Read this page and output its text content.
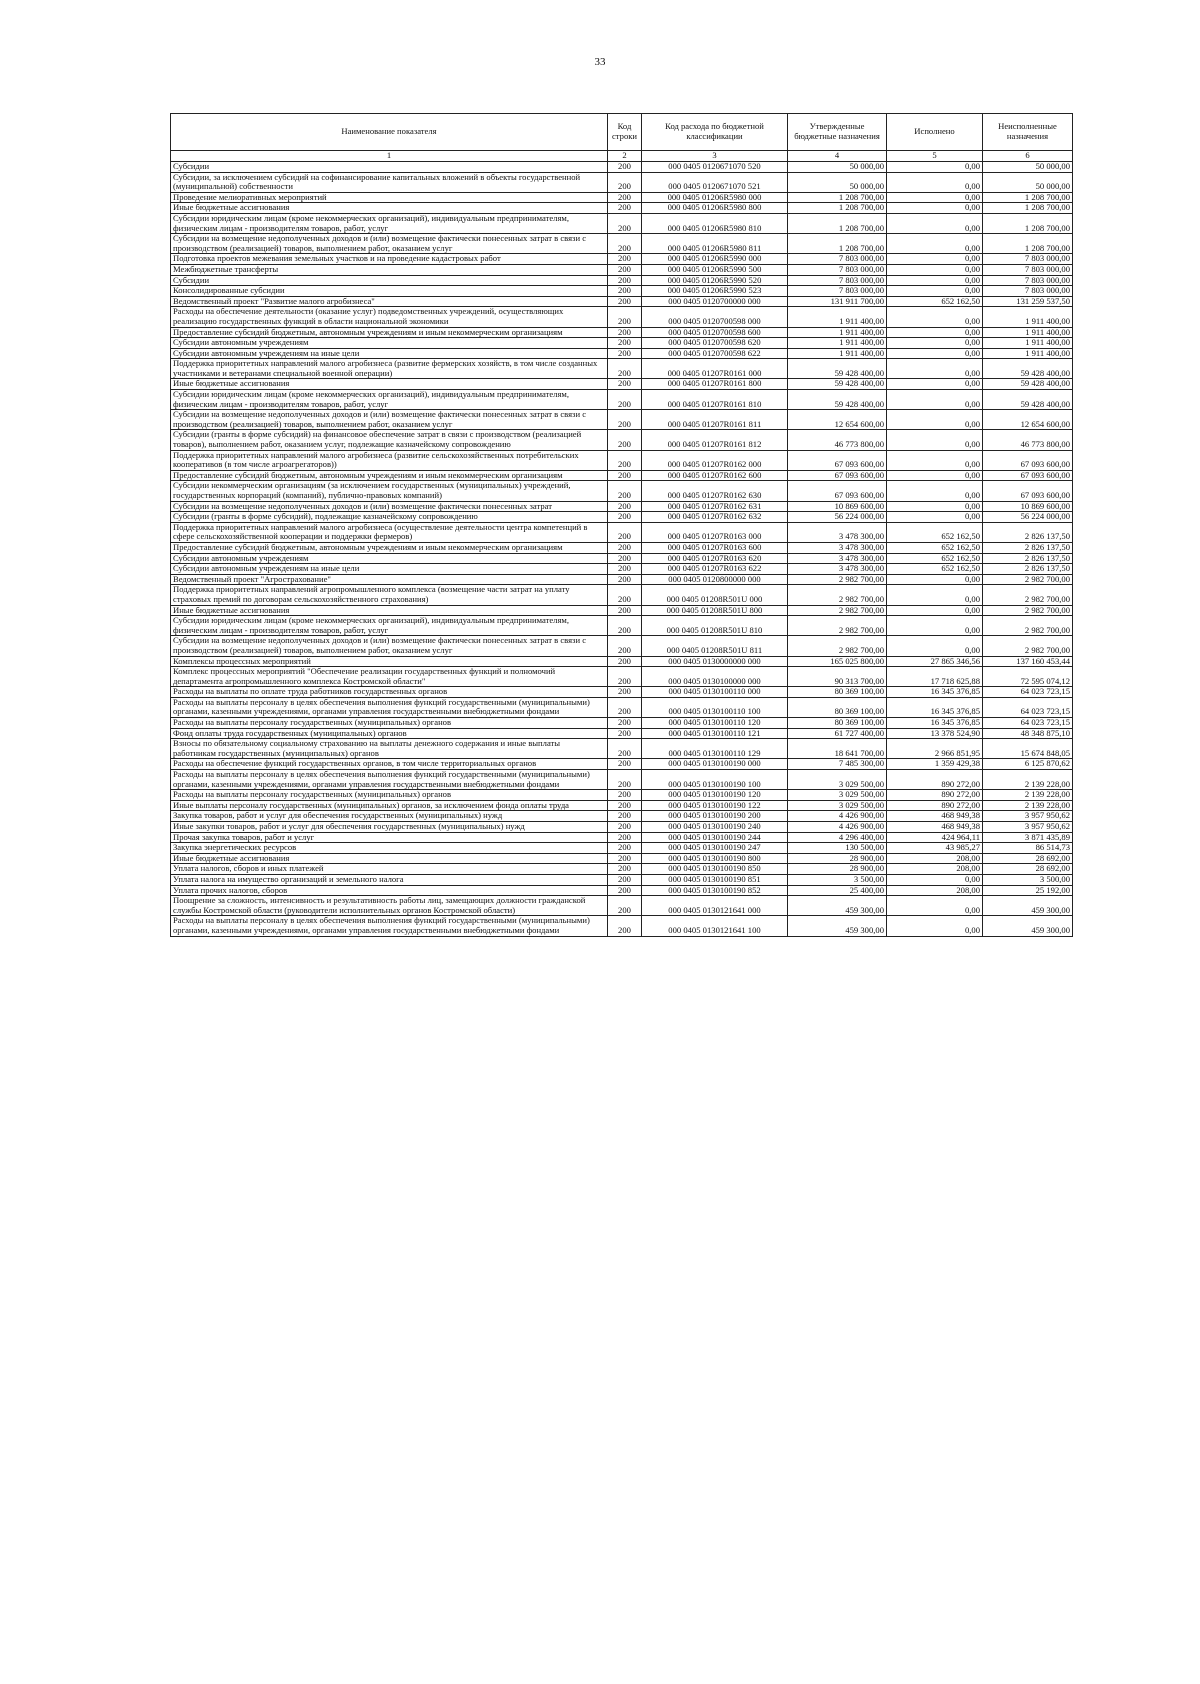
33
Наименование показателя	Код строки	Код расхода по бюджетной классификации	Утвержденные бюджетные назначения	Исполнено	Неисполненные назначения
1	2	3	4	5	6
Субсидии	200	000 0405 0120671070 520	50 000,00	0,00	50 000,00
Субсидии, за исключением субсидий на софинансирование капитальных вложений в объекты государственной (муниципальной) собственности	200	000 0405 0120671070 521	50 000,00	0,00	50 000,00
Проведение мелиоративных мероприятий	200	000 0405 01206R5980 000	1 208 700,00	0,00	1 208 700,00
Иные бюджетные ассигнования	200	000 0405 01206R5980 800	1 208 700,00	0,00	1 208 700,00
Субсидии юридическим лицам (кроме некоммерческих организаций), индивидуальным предпринимателям, физическим лицам - производителям товаров, работ, услуг	200	000 0405 01206R5980 810	1 208 700,00	0,00	1 208 700,00
Субсидии на возмещение недополученных доходов и (или) возмещение фактически понесенных затрат в связи с производством (реализацией) товаров, выполнением работ, оказанием услуг	200	000 0405 01206R5980 811	1 208 700,00	0,00	1 208 700,00
Подготовка проектов межевания земельных участков и на проведение кадастровых работ	200	000 0405 01206R5990 000	7 803 000,00	0,00	7 803 000,00
Межбюджетные трансферты	200	000 0405 01206R5990 500	7 803 000,00	0,00	7 803 000,00
Субсидии	200	000 0405 01206R5990 520	7 803 000,00	0,00	7 803 000,00
Консолидированные субсидии	200	000 0405 01206R5990 523	7 803 000,00	0,00	7 803 000,00
Ведомственный проект "Развитие малого агробизнеса"	200	000 0405 0120700000 000	131 911 700,00	652 162,50	131 259 537,50
Расходы на обеспечение деятельности (оказание услуг) подведомственных учреждений, осуществляющих реализацию государственных функций в области национальной экономики	200	000 0405 0120700598 000	1 911 400,00	0,00	1 911 400,00
Предоставление субсидий бюджетным, автономным учреждениям и иным некоммерческим организациям	200	000 0405 0120700598 600	1 911 400,00	0,00	1 911 400,00
Субсидии автономным учреждениям	200	000 0405 0120700598 620	1 911 400,00	0,00	1 911 400,00
Субсидии автономным учреждениям на иные цели	200	000 0405 0120700598 622	1 911 400,00	0,00	1 911 400,00
Поддержка приоритетных направлений малого агробизнеса (развитие фермерских хозяйств, в том числе созданных участниками и ветеранами специальной военной операции)	200	000 0405 01207R0161 000	59 428 400,00	0,00	59 428 400,00
Иные бюджетные ассигнования	200	000 0405 01207R0161 800	59 428 400,00	0,00	59 428 400,00
Субсидии юридическим лицам (кроме некоммерческих организаций), индивидуальным предпринимателям, физическим лицам - производителям товаров, работ, услуг	200	000 0405 01207R0161 810	59 428 400,00	0,00	59 428 400,00
Субсидии на возмещение недополученных доходов и (или) возмещение фактически понесенных затрат в связи с производством (реализацией) товаров, выполнением работ, оказанием услуг	200	000 0405 01207R0161 811	12 654 600,00	0,00	12 654 600,00
Субсидии (гранты в форме субсидий) на финансовое обеспечение затрат в связи с производством (реализацией товаров), выполнением работ, оказанием услуг, подлежащие казначейскому сопровождению	200	000 0405 01207R0161 812	46 773 800,00	0,00	46 773 800,00
Поддержка приоритетных направлений малого агробизнеса (развитие сельскохозяйственных потребительских кооперативов (в том числе агроагрегаторов))	200	000 0405 01207R0162 000	67 093 600,00	0,00	67 093 600,00
Предоставление субсидий бюджетным, автономным учреждениям и иным некоммерческим организациям	200	000 0405 01207R0162 600	67 093 600,00	0,00	67 093 600,00
Субсидии некоммерческим организациям (за исключением государственных (муниципальных) учреждений, государственных корпораций (компаний), публично-правовых компаний)	200	000 0405 01207R0162 630	67 093 600,00	0,00	67 093 600,00
Субсидии на возмещение недополученных доходов и (или) возмещение фактически понесенных затрат	200	000 0405 01207R0162 631	10 869 600,00	0,00	10 869 600,00
Субсидии (гранты в форме субсидий), подлежащие казначейскому сопровождению	200	000 0405 01207R0162 632	56 224 000,00	0,00	56 224 000,00
Поддержка приоритетных направлений малого агробизнеса (осуществление деятельности центра компетенций в сфере сельскохозяйственной кооперации и поддержки фермеров)	200	000 0405 01207R0163 000	3 478 300,00	652 162,50	2 826 137,50
Предоставление субсидий бюджетным, автономным учреждениям и иным некоммерческим организациям	200	000 0405 01207R0163 600	3 478 300,00	652 162,50	2 826 137,50
Субсидии автономным учреждениям	200	000 0405 01207R0163 620	3 478 300,00	652 162,50	2 826 137,50
Субсидии автономным учреждениям на иные цели	200	000 0405 01207R0163 622	3 478 300,00	652 162,50	2 826 137,50
Ведомственный проект "Агрострахование"	200	000 0405 0120800000 000	2 982 700,00	0,00	2 982 700,00
Поддержка приоритетных направлений агропромышленного комплекса (возмещение части затрат на уплату страховых премий по договорам сельскохозяйственного страхования)	200	000 0405 01208R501U 000	2 982 700,00	0,00	2 982 700,00
Иные бюджетные ассигнования	200	000 0405 01208R501U 800	2 982 700,00	0,00	2 982 700,00
Субсидии юридическим лицам (кроме некоммерческих организаций), индивидуальным предпринимателям, физическим лицам - производителям товаров, работ, услуг	200	000 0405 01208R501U 810	2 982 700,00	0,00	2 982 700,00
Субсидии на возмещение недополученных доходов и (или) возмещение фактически понесенных затрат в связи с производством (реализацией) товаров, выполнением работ, оказанием услуг	200	000 0405 01208R501U 811	2 982 700,00	0,00	2 982 700,00
Комплексы процессных мероприятий	200	000 0405 0130000000 000	165 025 800,00	27 865 346,56	137 160 453,44
Комплекс процессных мероприятий "Обеспечение реализации государственных функций и полномочий департамента агропромышленного комплекса Костромской области"	200	000 0405 0130100000 000	90 313 700,00	17 718 625,88	72 595 074,12
Расходы на выплаты по оплате труда работников государственных органов	200	000 0405 0130100110 000	80 369 100,00	16 345 376,85	64 023 723,15
Расходы на выплаты персоналу в целях обеспечения выполнения функций государственными (муниципальными) органами, казенными учреждениями, органами управления государственными внебюджетными фондами	200	000 0405 0130100110 100	80 369 100,00	16 345 376,85	64 023 723,15
Расходы на выплаты персоналу государственных (муниципальных) органов	200	000 0405 0130100110 120	80 369 100,00	16 345 376,85	64 023 723,15
Фонд оплаты труда государственных (муниципальных) органов	200	000 0405 0130100110 121	61 727 400,00	13 378 524,90	48 348 875,10
Взносы по обязательному социальному страхованию на выплаты денежного содержания и иные выплаты работникам государственных (муниципальных) органов	200	000 0405 0130100110 129	18 641 700,00	2 966 851,95	15 674 848,05
Расходы на обеспечение функций государственных органов, в том числе территориальных органов	200	000 0405 0130100190 000	7 485 300,00	1 359 429,38	6 125 870,62
Расходы на выплаты персоналу в целях обеспечения выполнения функций государственными (муниципальными) органами, казенными учреждениями, органами управления государственными внебюджетными фондами	200	000 0405 0130100190 100	3 029 500,00	890 272,00	2 139 228,00
Расходы на выплаты персоналу государственных (муниципальных) органов	200	000 0405 0130100190 120	3 029 500,00	890 272,00	2 139 228,00
Иные выплаты персоналу государственных (муниципальных) органов, за исключением фонда оплаты труда	200	000 0405 0130100190 122	3 029 500,00	890 272,00	2 139 228,00
Закупка товаров, работ и услуг для обеспечения государственных (муниципальных) нужд	200	000 0405 0130100190 200	4 426 900,00	468 949,38	3 957 950,62
Иные закупки товаров, работ и услуг для обеспечения государственных (муниципальных) нужд	200	000 0405 0130100190 240	4 426 900,00	468 949,38	3 957 950,62
Прочая закупка товаров, работ и услуг	200	000 0405 0130100190 244	4 296 400,00	424 964,11	3 871 435,89
Закупка энергетических ресурсов	200	000 0405 0130100190 247	130 500,00	43 985,27	86 514,73
Иные бюджетные ассигнования	200	000 0405 0130100190 800	28 900,00	208,00	28 692,00
Уплата налогов, сборов и иных платежей	200	000 0405 0130100190 850	28 900,00	208,00	28 692,00
Уплата налога на имущество организаций и земельного налога	200	000 0405 0130100190 851	3 500,00	0,00	3 500,00
Уплата прочих налогов, сборов	200	000 0405 0130100190 852	25 400,00	208,00	25 192,00
Поощрение за сложность, интенсивность и результативность работы лиц, замещающих должности гражданской службы Костромской области (руководители исполнительных органов Костромской области)	200	000 0405 0130121641 000	459 300,00	0,00	459 300,00
Расходы на выплаты персоналу в целях обеспечения выполнения функций государственными (муниципальными) органами, казенными учреждениями, органами управления государственными внебюджетными фондами	200	000 0405 0130121641 100	459 300,00	0,00	459 300,00
